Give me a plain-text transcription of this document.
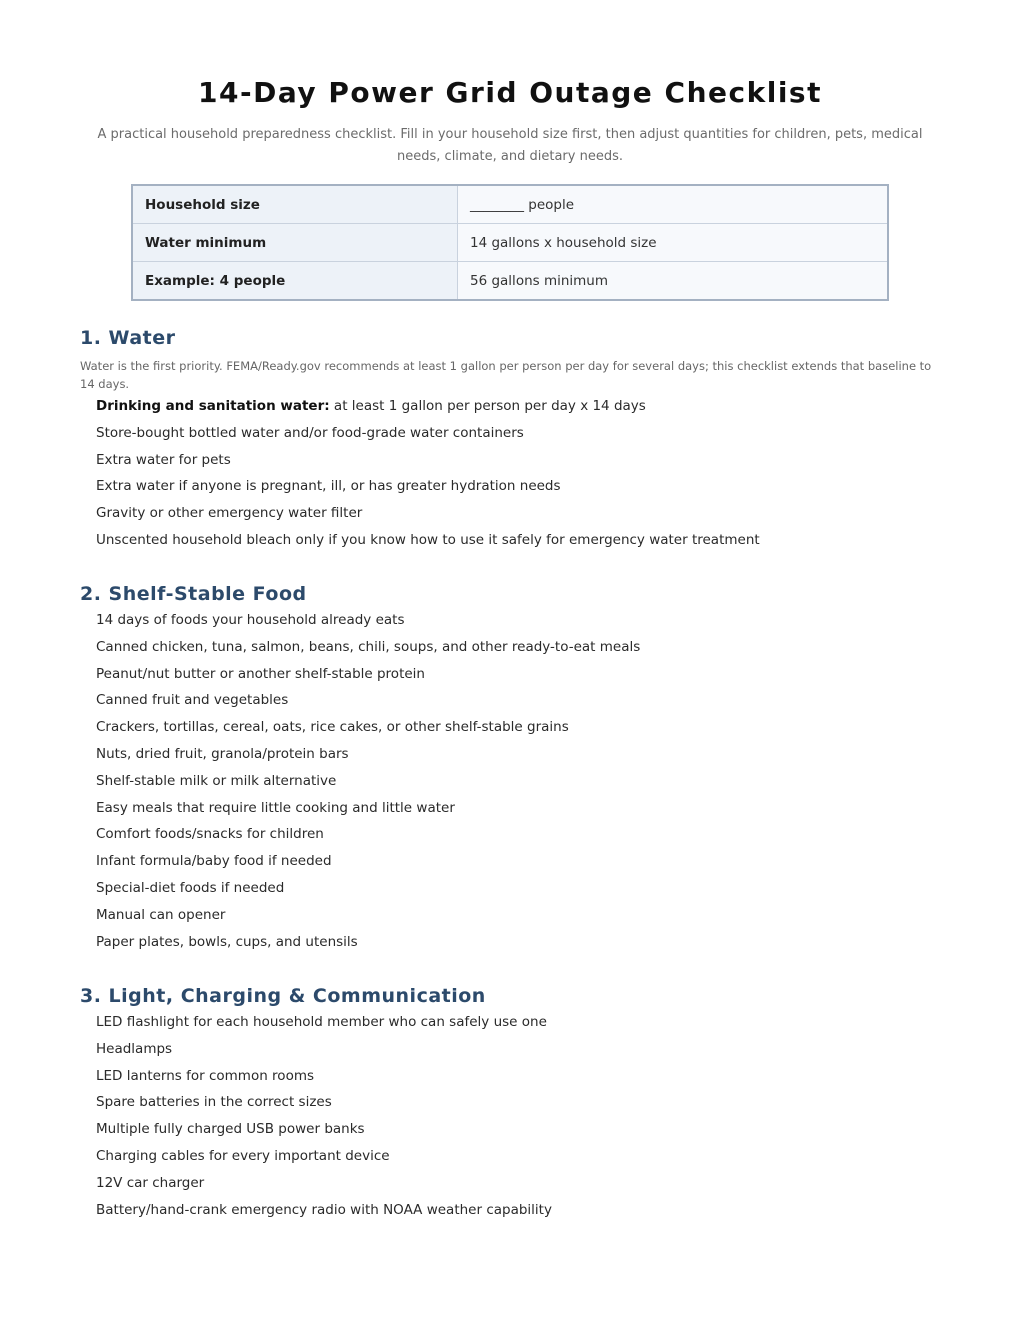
14-Day Power Grid Outage Checklist

A practical household preparedness checklist. Fill in your household size first, then adjust quantities for children, pets, medical needs, climate, and dietary needs.

Household size	________ people
Water minimum	14 gallons x household size
Example: 4 people	56 gallons minimum
1. Water

Water is the first priority. FEMA/Ready.gov recommends at least 1 gallon per person per day for several days; this checklist extends that baseline to 14 days.

Drinking and sanitation water: at least 1 gallon per person per day x 14 days
Store-bought bottled water and/or food-grade water containers
Extra water for pets
Extra water if anyone is pregnant, ill, or has greater hydration needs
Gravity or other emergency water filter
Unscented household bleach only if you know how to use it safely for emergency water treatment
2. Shelf-Stable Food
14 days of foods your household already eats
Canned chicken, tuna, salmon, beans, chili, soups, and other ready-to-eat meals
Peanut/nut butter or another shelf-stable protein
Canned fruit and vegetables
Crackers, tortillas, cereal, oats, rice cakes, or other shelf-stable grains
Nuts, dried fruit, granola/protein bars
Shelf-stable milk or milk alternative
Easy meals that require little cooking and little water
Comfort foods/snacks for children
Infant formula/baby food if needed
Special-diet foods if needed
Manual can opener
Paper plates, bowls, cups, and utensils
3. Light, Charging & Communication
LED flashlight for each household member who can safely use one
Headlamps
LED lanterns for common rooms
Spare batteries in the correct sizes
Multiple fully charged USB power banks
Charging cables for every important device
12V car charger
Battery/hand-crank emergency radio with NOAA weather capability
